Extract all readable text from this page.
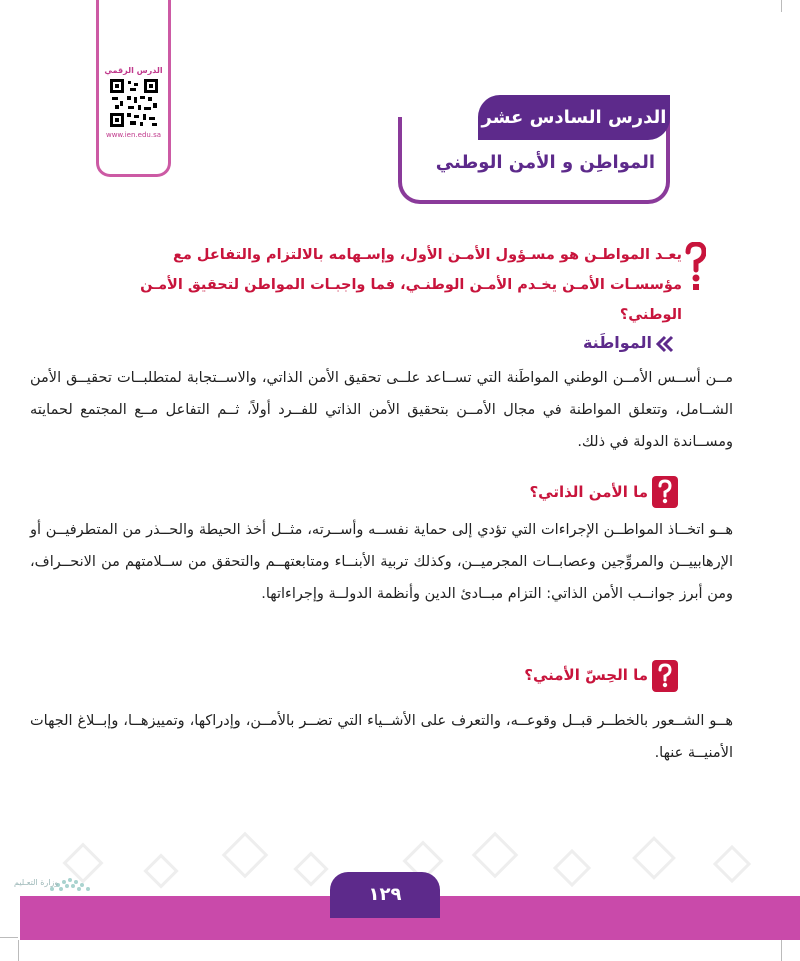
الدرس الرقمي
www.ien.edu.sa
الدرس السادس عشر
المواطِن و الأمن الوطني
يعـد المواطـن هو مسـؤول الأمـن الأول، وإسـهامه بالالتزام والتفاعل مع مؤسسـات الأمـن يخـدم الأمـن الوطنـي، فما واجبـات المواطن لتحقيق الأمـن الوطني؟
المواطَنة
مــن أســس الأمــن الوطني المواطَنة التي تســاعد علــى تحقيق الأمن الذاتي، والاســتجابة لمتطلبــات تحقيــق الأمن الشــامل، وتتعلق المواطنة في مجال الأمــن بتحقيق الأمن الذاتي للفــرد أولاً، ثــم التفاعل مــع المجتمع لحمايته ومســاندة الدولة في ذلك.
ما الأمن الذاتي؟
هــو اتخــاذ المواطــن الإجراءات التي تؤدي إلى حماية نفســه وأســرته، مثــل أخذ الحيطة والحــذر من المتطرفيــن أو الإرهابييــن والمروِّجين وعصابــات المجرميــن، وكذلك تربية الأبنــاء ومتابعتهــم والتحقق من ســلامتهم من الانحــراف، ومن أبرز جوانــب الأمن الذاتي: التزام مبــادئ الدين وأنظمة الدولــة وإجراءاتها.
ما الحِسّ الأمني؟
هــو الشــعور بالخطــر قبــل وقوعــه، والتعرف على الأشــياء التي تضــر بالأمــن، وإدراكها، وتمييزهــا، وإبــلاغ الجهات الأمنيــة عنها.
وزارة التعـليم
١٢٩
